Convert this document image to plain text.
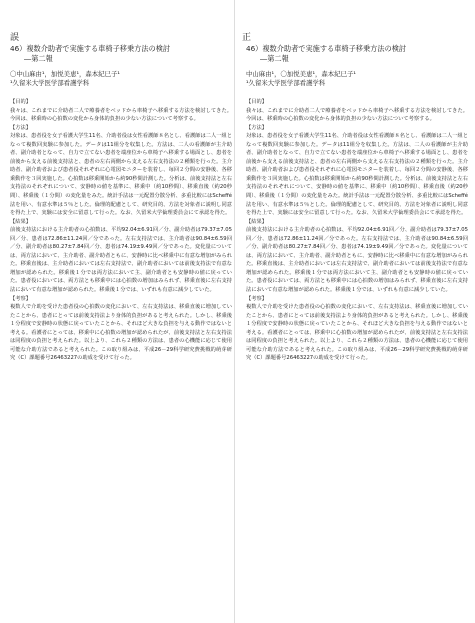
誤
46）複数介助者で実施する車椅子移乗方法の検討
―第二報
〇中山麻由¹，加悦美恵¹，森本紀巳子¹
¹久留米大学医学部看護学科
【目的】

我々は、これまでに介助者二人で療養者をベッドから車椅子へ移乗する方法を検討してきた。今回は、移乗時の心拍数の変化から身体的負担の少ない方法について考察する。

【方法】

対象は、患者役を女子看護大学生11名、介助者役は女性看護師８名とし、看護師は二人一組となって複数回実験に参加した。データは11組分を収集した。方法は、二人の看護師が主介助者、副介助者となって、自力で立てない患者を端座位から車椅子へ移乗する場面とし、患者を前後から支える前後支持法と、患者の左右両側から支える左右支持法の２種類を行った。主介助者、副介助者および患者役それぞれに心電図モニターを装着し、毎回２分間の安静後、各移乗動作を３回実施した。心拍数は移乗開始から約90秒間計測した。分析は、前後支持法と左右支持法のそれぞれについて、安静時の値を基準に、移乗中（約10秒間）、移乗直後（約20秒間）、移乗後（１分間）の変化量をみた。統計手法は一元配置分散分析、多重比較にはScheffé法を用い、有意水準は５％とした。倫理的配慮として、研究目的、方法を対象者に説明し同意を得た上で、実験には安全に留意して行った。なお、久留米大学倫理委員会にて承認を得た。

【結果】

前後支持法における主介助者の心拍数は、平均92.04±6.91回／分、副介助者は79.37±7.05回／分、患者は72.86±11.24回／分であった。左右支持法では、主介助者は90.84±6.59回／分、副介助者は80.27±7.84回／分、患者は74.19±9.49回／分であった。変化量については、両方法において、主介助者、副介助者ともに、安静時に比べ移乗中に有意な増加がみられた。移乗直後は、主介助者においては左右支持法で、副介助者においては前後支持法で有意な増加が認められた。移乗後１分では両方法において主、副介助者とも安静時の値に戻っていた。患者役においては、両方法とも移乗中には心拍数の増加はみられず、移乗直後に左右支持法において有意な増加が認められた。移乗後１分では、いずれも有意に減少していた。

【考察】

複数人で介助を受けた患者役の心拍数の変化において、左右支持法は、移乗直後に増加していたことから、患者にとっては前後支持法より身体的負担があると考えられた。しかし、移乗後１分程度で安静時の状態に戻っていたことから、それほど大きな負担を与える動作ではないと考える。看護者にとっては、移乗中に心拍数の増加が認められたが、前後支持法と左右支持法は同程度の負担と考えられた。以上より、これら２種類の方法は、患者の心機能に応じて使用可能な介助方法であると考えられた。この取り組みは、平成26－29科学研究費挑戦的萌芽研究（C）課題番号26463227の助成を受けて行った。

正
46）複数介助者で実施する車椅子移乗方法の検討
―第二報
中山麻由¹，〇加悦美恵¹，森本紀巳子¹
¹久留米大学医学部看護学科
【目的】

我々は、これまでに介助者二人で療養者をベッドから車椅子へ移乗する方法を検討してきた。今回は、移乗時の心拍数の変化から身体的負担の少ない方法について考察する。

【方法】

対象は、患者役を女子看護大学生11名、介助者役は女性看護師８名とし、看護師は二人一組となって複数回実験に参加した。データは11組分を収集した。方法は、二人の看護師が主介助者、副介助者となって、自力で立てない患者を端座位から車椅子へ移乗する場面とし、患者を前後から支える前後支持法と、患者の左右両側から支える左右支持法の２種類を行った。主介助者、副介助者および患者役それぞれに心電図モニターを装着し、毎回２分間の安静後、各移乗動作を３回実施した。心拍数は移乗開始から約90秒間計測した。分析は、前後支持法と左右支持法のそれぞれについて、安静時の値を基準に、移乗中（約10秒間）、移乗直後（約20秒間）、移乗後（１分間）の変化量をみた。統計手法は一元配置分散分析、多重比較にはScheffé法を用い、有意水準は５％とした。倫理的配慮として、研究目的、方法を対象者に説明し同意を得た上で、実験には安全に留意して行った。なお、久留米大学倫理委員会にて承認を得た。

【結果】

前後支持法における主介助者の心拍数は、平均92.04±6.91回／分、副介助者は79.37±7.05回／分、患者は72.86±11.24回／分であった。左右支持法では、主介助者は90.84±6.59回／分、副介助者は80.27±7.84回／分、患者は74.19±9.49回／分であった。変化量については、両方法において、主介助者、副介助者ともに、安静時に比べ移乗中に有意な増加がみられた。移乗直後は、主介助者においては左右支持法で、副介助者においては前後支持法で有意な増加が認められた。移乗後１分では両方法において主、副介助者とも安静時の値に戻っていた。患者役においては、両方法とも移乗中には心拍数の増加はみられず、移乗直後に左右支持法において有意な増加が認められた。移乗後１分では、いずれも有意に減少していた。

【考察】

複数人で介助を受けた患者役の心拍数の変化において、左右支持法は、移乗直後に増加していたことから、患者にとっては前後支持法より身体的負担があると考えられた。しかし、移乗後１分程度で安静時の状態に戻っていたことから、それほど大きな負担を与える動作ではないと考える。看護者にとっては、移乗中に心拍数の増加が認められたが、前後支持法と左右支持法は同程度の負担と考えられた。以上より、これら２種類の方法は、患者の心機能に応じて使用可能な介助方法であると考えられた。この取り組みは、平成26－29科学研究費挑戦的萌芽研究（C）課題番号26463227の助成を受けて行った。
